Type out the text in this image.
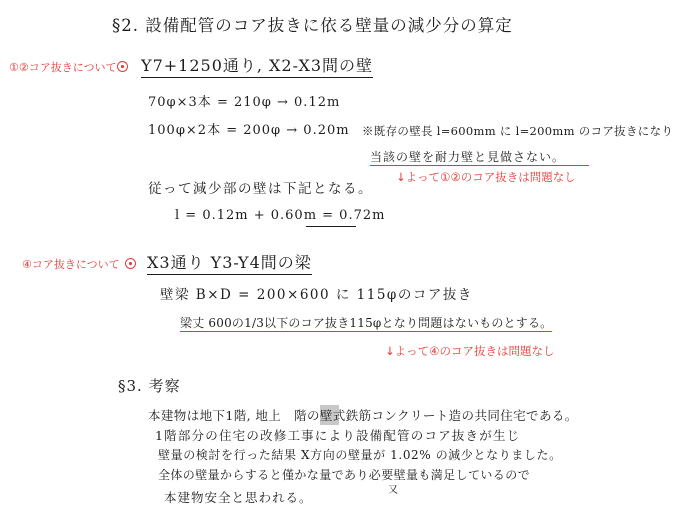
§2. 設備配管のコア抜きに依る壁量の減少分の算定
①②コア抜きについて Y7+1250通り, X2-X3間の壁
70φ×3本 = 210φ → 0.12m
100φ×2本 = 200φ → 0.20m ※既存の壁長 l=600mm に l=200mm のコア抜きになり
当該の壁を耐力壁と見做さない。
↓よって①②のコア抜きは問題なし
従って減少部の壁は下記となる。
l = 0.12m + 0.60m = 0.72m
④コア抜きについて X3通り Y3-Y4間の梁
壁梁 B×D = 200×600 に 115φのコア抜き
梁丈 600の1/3以下のコア抜き115φとなり問題はないものとする。
↓よって④のコア抜きは問題なし
§3. 考察
本建物は地下1階, 地上　階の壁式鉄筋コンクリート造の共同住宅である。
1階部分の住宅の改修工事により設備配管のコア抜きが生じ
壁量の検討を行った結果 X方向の壁量が 1.02% の減少となりました。
全体の壁量からすると僅かな量であり必要壁量も満足しているので
又
本建物安全と思われる。
